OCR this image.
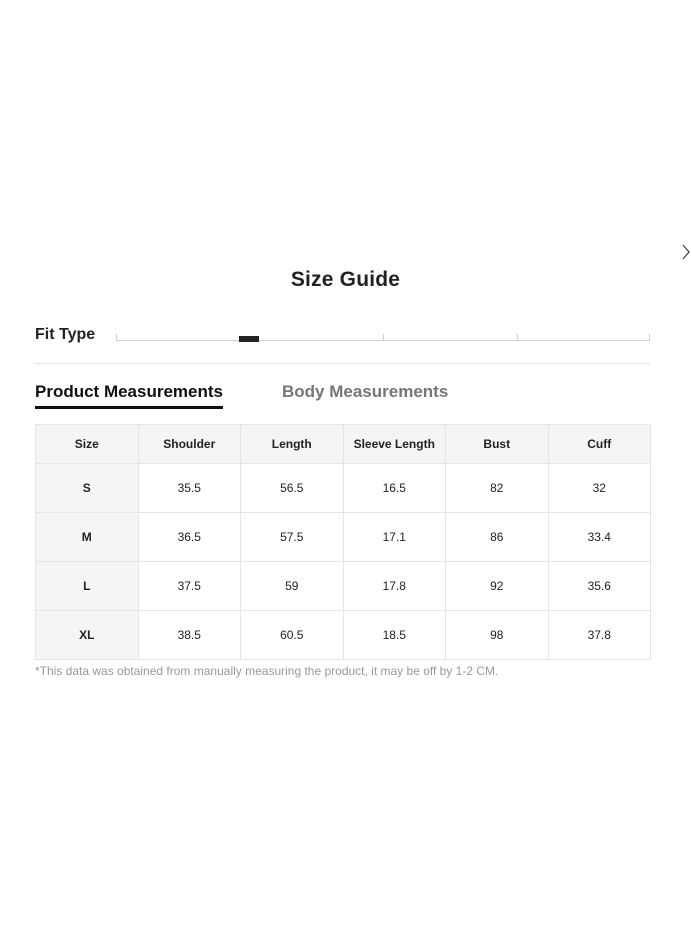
Size Guide
Fit Type
Product Measurements	Body Measurements
Size	Shoulder	Length	Sleeve Length	Bust	Cuff
S	35.5	56.5	16.5	82	32
M	36.5	57.5	17.1	86	33.4
L	37.5	59	17.8	92	35.6
XL	38.5	60.5	18.5	98	37.8
*This data was obtained from manually measuring the product, it may be off by 1-2 CM.
